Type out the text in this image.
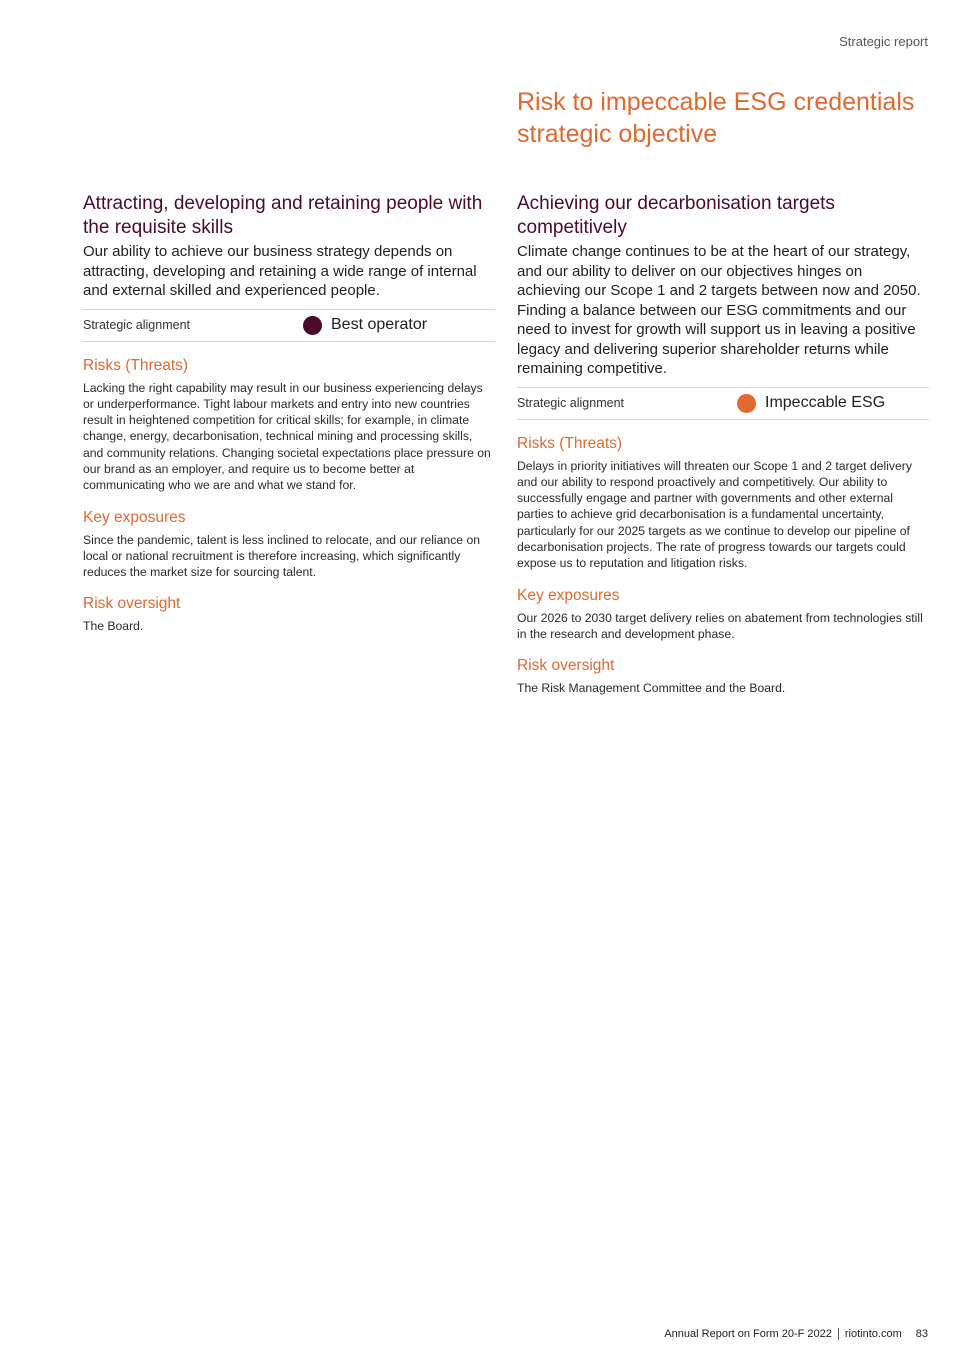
Strategic report
Risk to impeccable ESG credentials strategic objective
Attracting, developing and retaining people with the requisite skills

Our ability to achieve our business strategy depends on attracting, developing and retaining a wide range of internal and external skilled and experienced people.

Strategic alignment	Best operator
Risks (Threats)

Lacking the right capability may result in our business experiencing delays or underperformance. Tight labour markets and entry into new countries result in heightened competition for critical skills; for example, in climate change, energy, decarbonisation, technical mining and processing skills, and community relations. Changing societal expectations place pressure on our brand as an employer, and require us to become better at communicating who we are and what we stand for.

Key exposures

Since the pandemic, talent is less inclined to relocate, and our reliance on local or national recruitment is therefore increasing, which significantly reduces the market size for sourcing talent.

Risk oversight

The Board.

Achieving our decarbonisation targets competitively

Climate change continues to be at the heart of our strategy, and our ability to deliver on our objectives hinges on achieving our Scope 1 and 2 targets between now and 2050. Finding a balance between our ESG commitments and our need to invest for growth will support us in leaving a positive legacy and delivering superior shareholder returns while remaining competitive.

Strategic alignment	Impeccable ESG
Risks (Threats)

Delays in priority initiatives will threaten our Scope 1 and 2 target delivery and our ability to respond proactively and competitively. Our ability to successfully engage and partner with governments and other external parties to achieve grid decarbonisation is a fundamental uncertainty, particularly for our 2025 targets as we continue to develop our pipeline of decarbonisation projects. The rate of progress towards our targets could expose us to reputation and litigation risks.

Key exposures

Our 2026 to 2030 target delivery relies on abatement from technologies still in the research and development phase.

Risk oversight

The Risk Management Committee and the Board.

Annual Report on Form 20-F 2022 riotinto.com 83
